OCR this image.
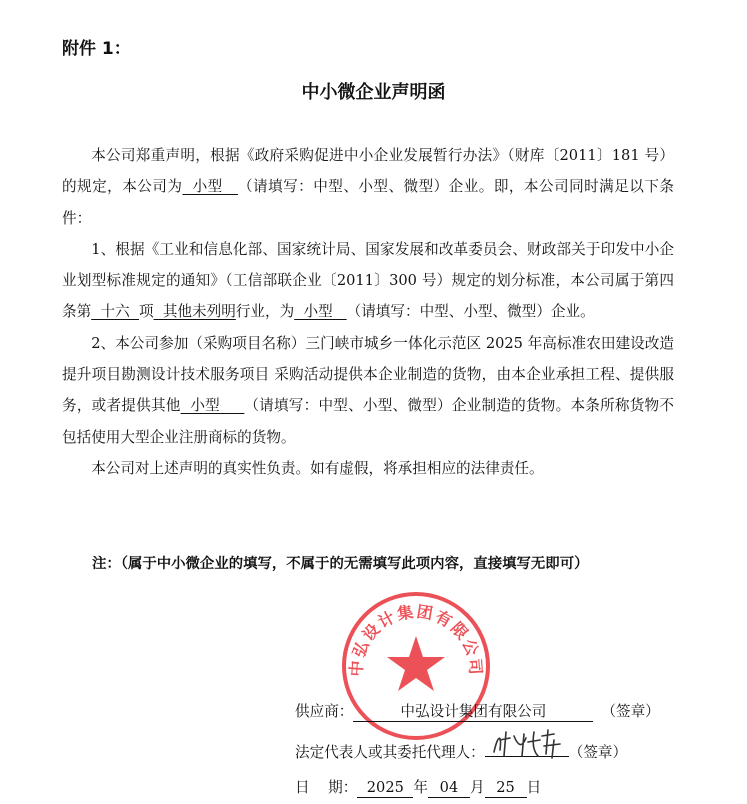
附件 1：
中小微企业声明函

本公司郑重声明，根据《政府采购促进中小企业发展暂行办法》（财库〔2011〕181 号）的规定，本公司为  小型   （请填写：中型、小型、微型）企业。即，本公司同时满足以下条件：

1、根据《工业和信息化部、国家统计局、国家发展和改革委员会、财政部关于印发中小企业划型标准规定的通知》（工信部联企业〔2011〕300 号）规定的划分标准，本公司属于第四条第  十六  项  其他未列明行业，为  小型   （请填写：中型、小型、微型）企业。

2、本公司参加（采购项目名称）三门峡市城乡一体化示范区 2025 年高标准农田建设改造提升项目勘测设计技术服务项目 采购活动提供本企业制造的货物，由本企业承担工程、提供服务，或者提供其他  小型     （请填写：中型、小型、微型）企业制造的货物。本条所称货物不包括使用大型企业注册商标的货物。

本公司对上述声明的真实性负责。如有虚假，将承担相应的法律责任。

注：（属于中小微企业的填写，不属于的无需填写此项内容，直接填写无即可）
中弘设计集团有限公司
供应商：	中弘设计集团有限公司	（签章）
法定代表人或其委托代理人：	（签章）
日    期： 2025 年 04 月 25 日
